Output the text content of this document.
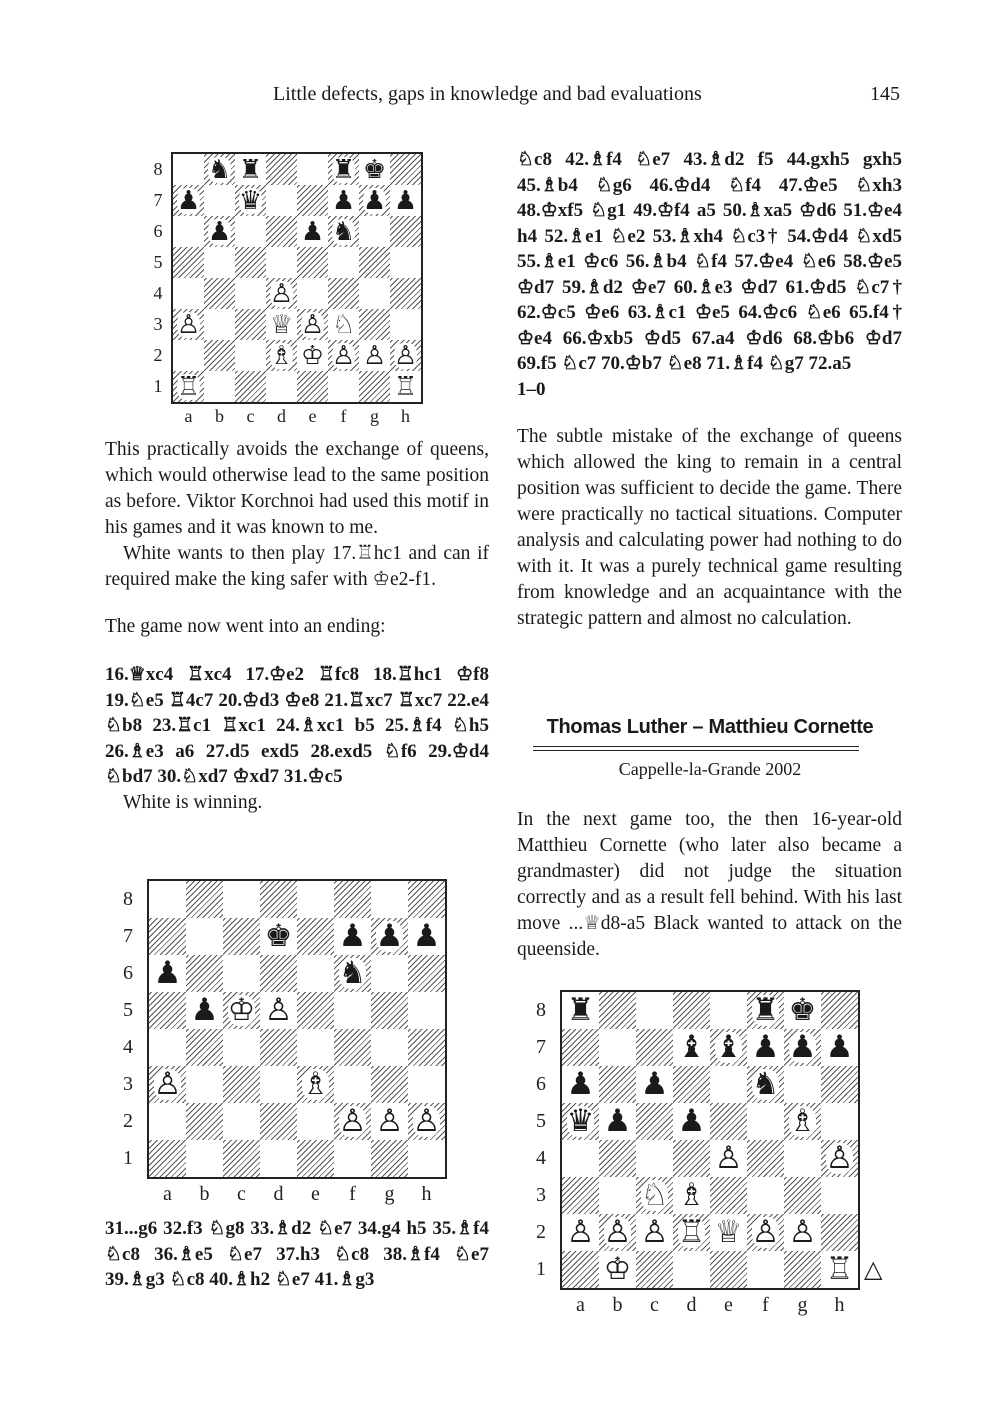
Little defects, gaps in knowledge and bad evaluations	145
♞ ♜	♜ ♚
♟ ♛	♟ ♟ ♟
♟	♟ ♞
♙
♙	♕ ♙ ♘
♗ ♔ ♙ ♙ ♙
♖	♖
8
7
6
5
4
3
2
1
a	b	c	d	e	f	g	h

This practically avoids the exchange of queens, which would otherwise lead to the same position as before. Viktor Korchnoi had used this motif in his games and it was known to me.

White wants to then play 17.♖hc1 and can if required make the king safer with ♔e2-f1.

The game now went into an ending:

16.♕xc4 ♖xc4 17.♔e2 ♖fc8 18.♖hc1 ♔f8 19.♘e5 ♖4c7 20.♔d3 ♔e8 21.♖xc7 ♖xc7 22.e4 ♘b8 23.♖c1 ♖xc1 24.♗xc1 b5 25.♗f4 ♘h5 26.♗e3 a6 27.d5 exd5 28.exd5 ♘f6 29.♔d4 ♘bd7 30.♘xd7 ♔xd7 31.♔c5

White is winning.

♚ ♟ ♟ ♟
♟	♞
♟ ♔ ♙
♙	♗
♙ ♙ ♙
8
7
6
5
4
3
2
1
a	b	c	d	e	f	g	h

31...g6 32.f3 ♘g8 33.♗d2 ♘e7 34.g4 h5 35.♗f4 ♘c8 36.♗e5 ♘e7 37.h3 ♘c8 38.♗f4 ♘e7 39.♗g3 ♘c8 40.♗h2 ♘e7 41.♗g3

♘c8 42.♗f4 ♘e7 43.♗d2 f5 44.gxh5 gxh5 45.♗b4 ♘g6 46.♔d4 ♘f4 47.♔e5 ♘xh3 48.♔xf5 ♘g1 49.♔f4 a5 50.♗xa5 ♔d6 51.♔e4 h4 52.♗e1 ♘e2 53.♗xh4 ♘c3† 54.♔d4 ♘xd5 55.♗e1 ♔c6 56.♗b4 ♘f4 57.♔e4 ♘e6 58.♔e5 ♔d7 59.♗d2 ♔e7 60.♗e3 ♔d7 61.♔d5 ♘c7† 62.♔c5 ♔e6 63.♗c1 ♔e5 64.♔c6 ♘e6 65.f4† ♔e4 66.♔xb5 ♔d5 67.a4 ♔d6 68.♔b6 ♔d7 69.f5 ♘c7 70.♔b7 ♘e8 71.♗f4 ♘g7 72.a5

1–0

The subtle mistake of the exchange of queens which allowed the king to remain in a central position was sufficient to decide the game. There were practically no tactical situations. Computer analysis and calculating power had nothing to do with it. It was a purely technical game resulting from knowledge and an acquaintance with the strategic pattern and almost no calculation.

Thomas Luther – Matthieu Cornette
Cappelle-la-Grande 2002

In the next game too, the then 16-year-old Matthieu Cornette (who later also became a grandmaster) did not judge the situation correctly and as a result fell behind. With his last move ...♕d8-a5 Black wanted to attack on the queenside.

♜	♜ ♚
♝ ♝ ♟ ♟ ♟
♟ ♟	♞
♛ ♟ ♟	♗
♙	♙
♘ ♗
♙ ♙ ♙ ♖ ♕ ♙ ♙
♔	♖
8
7
6
5
4
3
2
1
a	b	c	d	e	f	g	h
△
